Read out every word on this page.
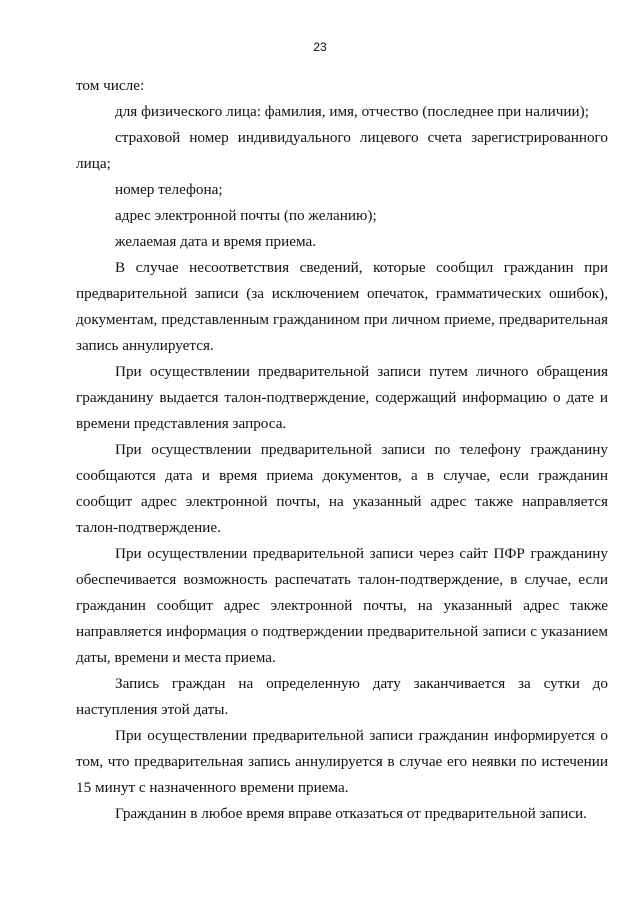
23

том числе:

для физического лица: фамилия, имя, отчество (последнее при наличии);

страховой номер индивидуального лицевого счета зарегистрированного лица;

номер телефона;

адрес электронной почты (по желанию);

желаемая дата и время приема.

В случае несоответствия сведений, которые сообщил гражданин при предварительной записи (за исключением опечаток, грамматических ошибок), документам, представленным гражданином при личном приеме, предварительная запись аннулируется.

При осуществлении предварительной записи путем личного обращения гражданину выдается талон-подтверждение, содержащий информацию о дате и времени представления запроса.

При осуществлении предварительной записи по телефону гражданину сообщаются дата и время приема документов, а в случае, если гражданин сообщит адрес электронной почты, на указанный адрес также направляется талон-подтверждение.

При осуществлении предварительной записи через сайт ПФР гражданину обеспечивается возможность распечатать талон-подтверждение, в случае, если гражданин сообщит адрес электронной почты, на указанный адрес также направляется информация о подтверждении предварительной записи с указанием даты, времени и места приема.

Запись граждан на определенную дату заканчивается за сутки до наступления этой даты.

При осуществлении предварительной записи гражданин информируется о том, что предварительная запись аннулируется в случае его неявки по истечении 15 минут с назначенного времени приема.

Гражданин в любое время вправе отказаться от предварительной записи.
